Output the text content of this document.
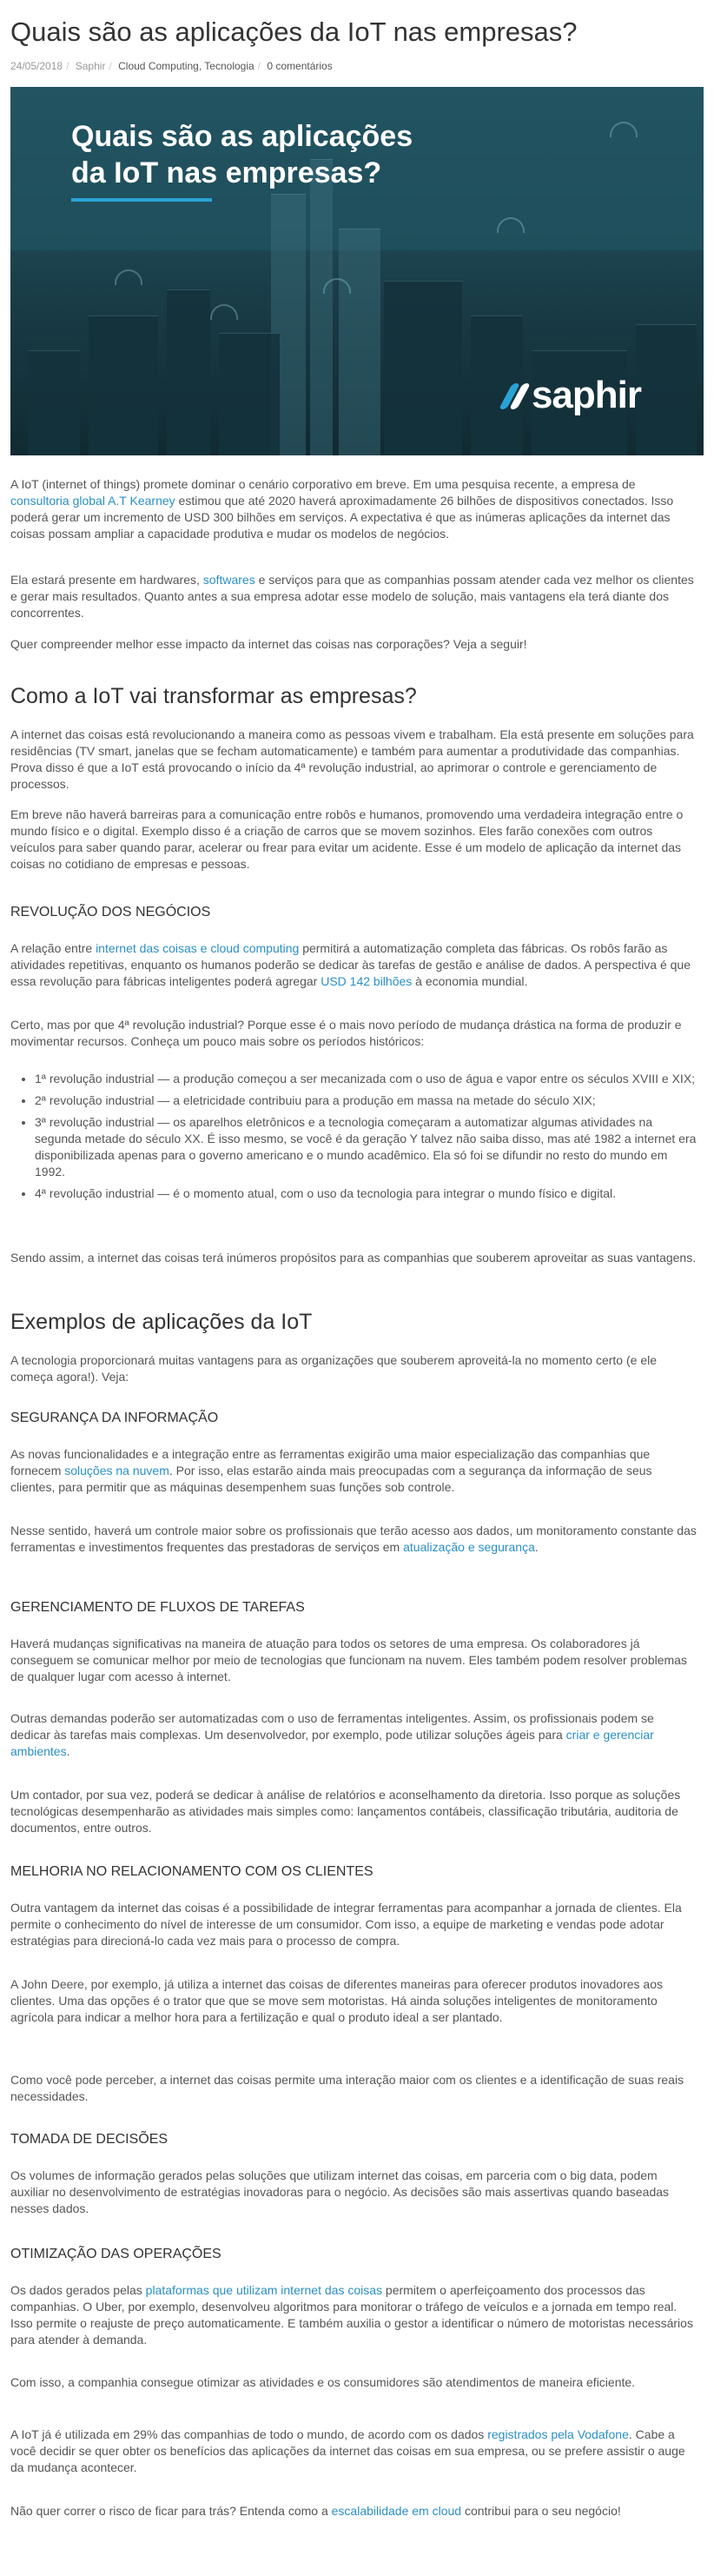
Quais são as aplicações da IoT nas empresas?
24/05/2018 / Saphir / Cloud Computing, Tecnologia / 0 comentários
Quais são as aplicações
da IoT nas empresas?
saphir

A IoT (internet of things) promete dominar o cenário corporativo em breve. Em uma pesquisa recente, a empresa de consultoria global A.T Kearney estimou que até 2020 haverá aproximadamente 26 bilhões de dispositivos conectados. Isso poderá gerar um incremento de USD 300 bilhões em serviços. A expectativa é que as inúmeras aplicações da internet das coisas possam ampliar a capacidade produtiva e mudar os modelos de negócios.

Ela estará presente em hardwares, softwares e serviços para que as companhias possam atender cada vez melhor os clientes e gerar mais resultados. Quanto antes a sua empresa adotar esse modelo de solução, mais vantagens ela terá diante dos concorrentes.

Quer compreender melhor esse impacto da internet das coisas nas corporações? Veja a seguir!

Como a IoT vai transformar as empresas?

A internet das coisas está revolucionando a maneira como as pessoas vivem e trabalham. Ela está presente em soluções para residências (TV smart, janelas que se fecham automaticamente) e também para aumentar a produtividade das companhias. Prova disso é que a IoT está provocando o início da 4ª revolução industrial, ao aprimorar o controle e gerenciamento de processos.

Em breve não haverá barreiras para a comunicação entre robôs e humanos, promovendo uma verdadeira integração entre o mundo físico e o digital. Exemplo disso é a criação de carros que se movem sozinhos. Eles farão conexões com outros veículos para saber quando parar, acelerar ou frear para evitar um acidente. Esse é um modelo de aplicação da internet das coisas no cotidiano de empresas e pessoas.

REVOLUÇÃO DOS NEGÓCIOS

A relação entre internet das coisas e cloud computing permitirá a automatização completa das fábricas. Os robôs farão as atividades repetitivas, enquanto os humanos poderão se dedicar às tarefas de gestão e análise de dados. A perspectiva é que essa revolução para fábricas inteligentes poderá agregar USD 142 bilhões à economia mundial.

Certo, mas por que 4ª revolução industrial? Porque esse é o mais novo período de mudança drástica na forma de produzir e movimentar recursos. Conheça um pouco mais sobre os períodos históricos:

• 1ª revolução industrial — a produção começou a ser mecanizada com o uso de água e vapor entre os séculos XVIII e XIX;
• 2ª revolução industrial — a eletricidade contribuiu para a produção em massa na metade do século XIX;
• 3ª revolução industrial — os aparelhos eletrônicos e a tecnologia começaram a automatizar algumas atividades na segunda metade do século XX. É isso mesmo, se você é da geração Y talvez não saiba disso, mas até 1982 a internet era disponibilizada apenas para o governo americano e o mundo acadêmico. Ela só foi se difundir no resto do mundo em 1992.
• 4ª revolução industrial — é o momento atual, com o uso da tecnologia para integrar o mundo físico e digital.

Sendo assim, a internet das coisas terá inúmeros propósitos para as companhias que souberem aproveitar as suas vantagens.

Exemplos de aplicações da IoT

A tecnologia proporcionará muitas vantagens para as organizações que souberem aproveitá-la no momento certo (e ele começa agora!). Veja:

SEGURANÇA DA INFORMAÇÃO

As novas funcionalidades e a integração entre as ferramentas exigirão uma maior especialização das companhias que fornecem soluções na nuvem. Por isso, elas estarão ainda mais preocupadas com a segurança da informação de seus clientes, para permitir que as máquinas desempenhem suas funções sob controle.

Nesse sentido, haverá um controle maior sobre os profissionais que terão acesso aos dados, um monitoramento constante das ferramentas e investimentos frequentes das prestadoras de serviços em atualização e segurança.

GERENCIAMENTO DE FLUXOS DE TAREFAS

Haverá mudanças significativas na maneira de atuação para todos os setores de uma empresa. Os colaboradores já conseguem se comunicar melhor por meio de tecnologias que funcionam na nuvem. Eles também podem resolver problemas de qualquer lugar com acesso à internet.

Outras demandas poderão ser automatizadas com o uso de ferramentas inteligentes. Assim, os profissionais podem se dedicar às tarefas mais complexas. Um desenvolvedor, por exemplo, pode utilizar soluções ágeis para criar e gerenciar ambientes.

Um contador, por sua vez, poderá se dedicar à análise de relatórios e aconselhamento da diretoria. Isso porque as soluções tecnológicas desempenharão as atividades mais simples como: lançamentos contábeis, classificação tributária, auditoria de documentos, entre outros.

MELHORIA NO RELACIONAMENTO COM OS CLIENTES

Outra vantagem da internet das coisas é a possibilidade de integrar ferramentas para acompanhar a jornada de clientes. Ela permite o conhecimento do nível de interesse de um consumidor. Com isso, a equipe de marketing e vendas pode adotar estratégias para direcioná-lo cada vez mais para o processo de compra.

A John Deere, por exemplo, já utiliza a internet das coisas de diferentes maneiras para oferecer produtos inovadores aos clientes. Uma das opções é o trator que que se move sem motoristas. Há ainda soluções inteligentes de monitoramento agrícola para indicar a melhor hora para a fertilização e qual o produto ideal a ser plantado.

Como você pode perceber, a internet das coisas permite uma interação maior com os clientes e a identificação de suas reais necessidades.

TOMADA DE DECISÕES

Os volumes de informação gerados pelas soluções que utilizam internet das coisas, em parceria com o big data, podem auxiliar no desenvolvimento de estratégias inovadoras para o negócio. As decisões são mais assertivas quando baseadas nesses dados.

OTIMIZAÇÃO DAS OPERAÇÕES

Os dados gerados pelas plataformas que utilizam internet das coisas permitem o aperfeiçoamento dos processos das companhias. O Uber, por exemplo, desenvolveu algoritmos para monitorar o tráfego de veículos e a jornada em tempo real. Isso permite o reajuste de preço automaticamente. E também auxilia o gestor a identificar o número de motoristas necessários para atender à demanda.

Com isso, a companhia consegue otimizar as atividades e os consumidores são atendimentos de maneira eficiente.

A IoT já é utilizada em 29% das companhias de todo o mundo, de acordo com os dados registrados pela Vodafone. Cabe a você decidir se quer obter os benefícios das aplicações da internet das coisas em sua empresa, ou se prefere assistir o auge da mudança acontecer.

Não quer correr o risco de ficar para trás? Entenda como a escalabilidade em cloud contribui para o seu negócio!
